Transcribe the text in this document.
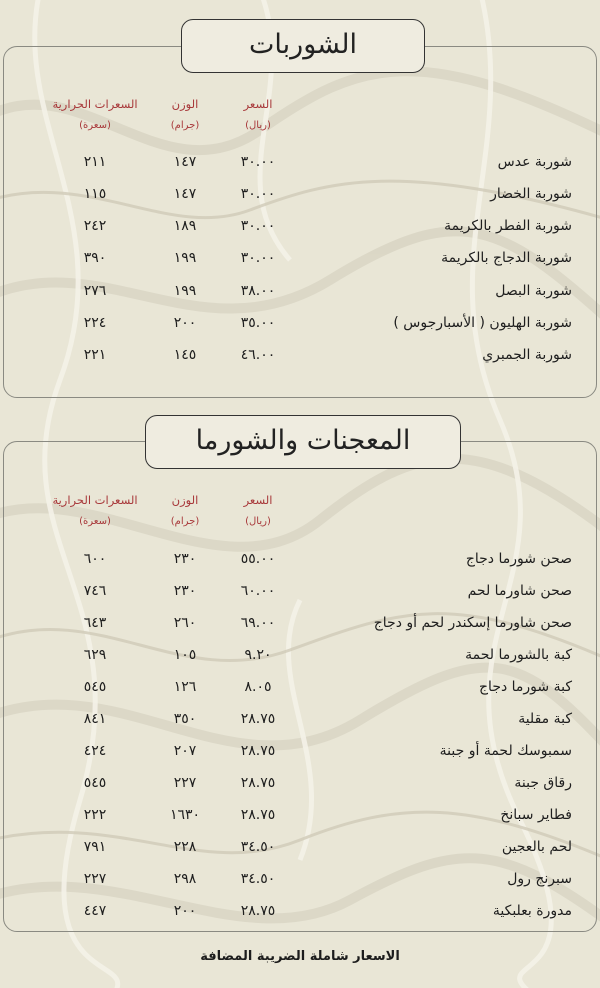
الشوربات
السعر
(ريال)
الوزن
(جرام)
السعرات الحرارية
(سعرة)
شوربة عدس
٣٠.٠٠
١٤٧
٢١١
شوربة الخضار
٣٠.٠٠
١٤٧
١١٥
شوربة الفطر بالكريمة
٣٠.٠٠
١٨٩
٢٤٢
شوربة الدجاج بالكريمة
٣٠.٠٠
١٩٩
٣٩٠
شوربة البصل
٣٨.٠٠
١٩٩
٢٧٦
شوربة الهليون ( الأسبارجوس )
٣٥.٠٠
٢٠٠
٢٢٤
شوربة الجمبري
٤٦.٠٠
١٤٥
٢٢١
المعجنات والشورما
السعر
(ريال)
الوزن
(جرام)
السعرات الحرارية
(سعرة)
صحن شورما دجاج
٥٥.٠٠
٢٣٠
٦٠٠
صحن شاورما لحم
٦٠.٠٠
٢٣٠
٧٤٦
صحن شاورما إسكندر لحم أو دجاج
٦٩.٠٠
٢٦٠
٦٤٣
كبة بالشورما لحمة
٩.٢٠
١٠٥
٦٢٩
كبة شورما دجاج
٨.٠٥
١٢٦
٥٤٥
كبة مقلية
٢٨.٧٥
٣٥٠
٨٤١
سمبوسك لحمة أو جبنة
٢٨.٧٥
٢٠٧
٤٢٤
رقاق جبنة
٢٨.٧٥
٢٢٧
٥٤٥
فطاير سبانخ
٢٨.٧٥
١٦٣٠
٢٢٢
لحم بالعجين
٣٤.٥٠
٢٢٨
٧٩١
سبرنج رول
٣٤.٥٠
٢٩٨
٢٢٧
مدورة بعلبكية
٢٨.٧٥
٢٠٠
٤٤٧
الاسعار شاملة الضريبة المضافة
